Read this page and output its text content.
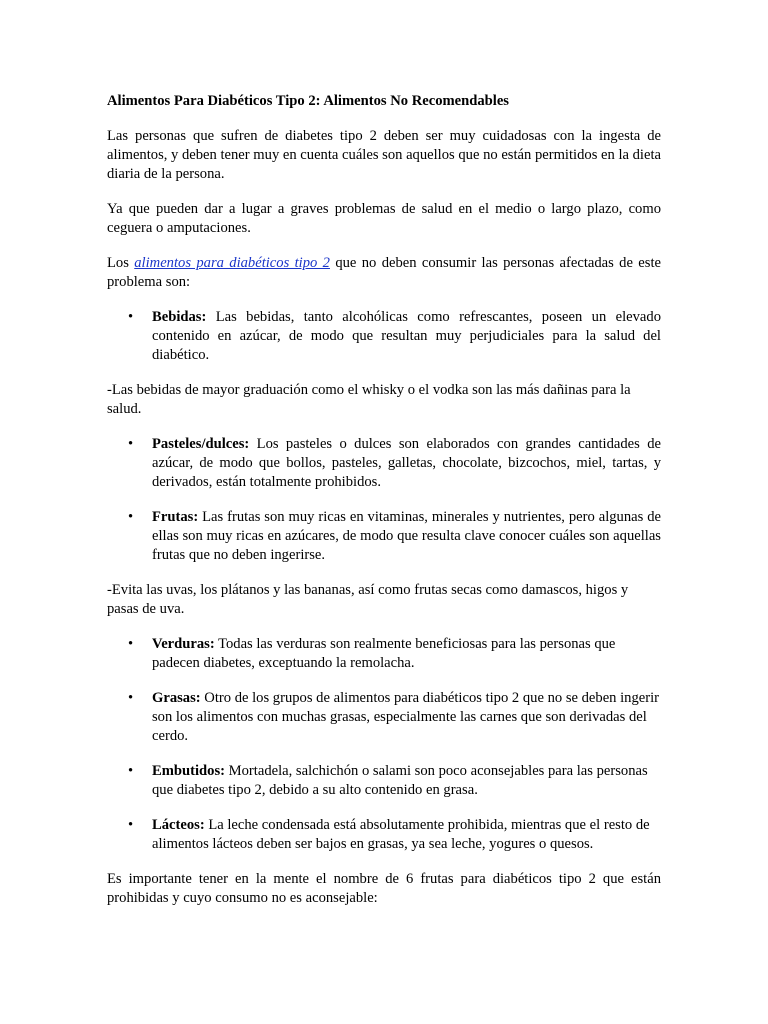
Alimentos Para Diabéticos Tipo 2: Alimentos No Recomendables

Las personas que sufren de diabetes tipo 2 deben ser muy cuidadosas con la ingesta de alimentos, y deben tener muy en cuenta cuáles son aquellos que no están permitidos en la dieta diaria de la persona.

Ya que pueden dar a lugar a graves problemas de salud en el medio o largo plazo, como ceguera o amputaciones.

Los alimentos para diabéticos tipo 2 que no deben consumir las personas afectadas de este problema son:

• Bebidas: Las bebidas, tanto alcohólicas como refrescantes, poseen un elevado contenido en azúcar, de modo que resultan muy perjudiciales para la salud del diabético.

-Las bebidas de mayor graduación como el whisky o el vodka son las más dañinas para la salud.

• Pasteles/dulces: Los pasteles o dulces son elaborados con grandes cantidades de azúcar, de modo que bollos, pasteles, galletas, chocolate, bizcochos, miel, tartas, y derivados, están totalmente prohibidos.
• Frutas: Las frutas son muy ricas en vitaminas, minerales y nutrientes, pero algunas de ellas son muy ricas en azúcares, de modo que resulta clave conocer cuáles son aquellas frutas que no deben ingerirse.

-Evita las uvas, los plátanos y las bananas, así como frutas secas como damascos, higos y pasas de uva.

• Verduras: Todas las verduras son realmente beneficiosas para las personas que padecen diabetes, exceptuando la remolacha.
• Grasas: Otro de los grupos de alimentos para diabéticos tipo 2 que no se deben ingerir son los alimentos con muchas grasas, especialmente las carnes que son derivadas del cerdo.
• Embutidos: Mortadela, salchichón o salami son poco aconsejables para las personas que diabetes tipo 2, debido a su alto contenido en grasa.
• Lácteos: La leche condensada está absolutamente prohibida, mientras que el resto de alimentos lácteos deben ser bajos en grasas, ya sea leche, yogures o quesos.

Es importante tener en la mente el nombre de 6 frutas para diabéticos tipo 2 que están prohibidas y cuyo consumo no es aconsejable:
